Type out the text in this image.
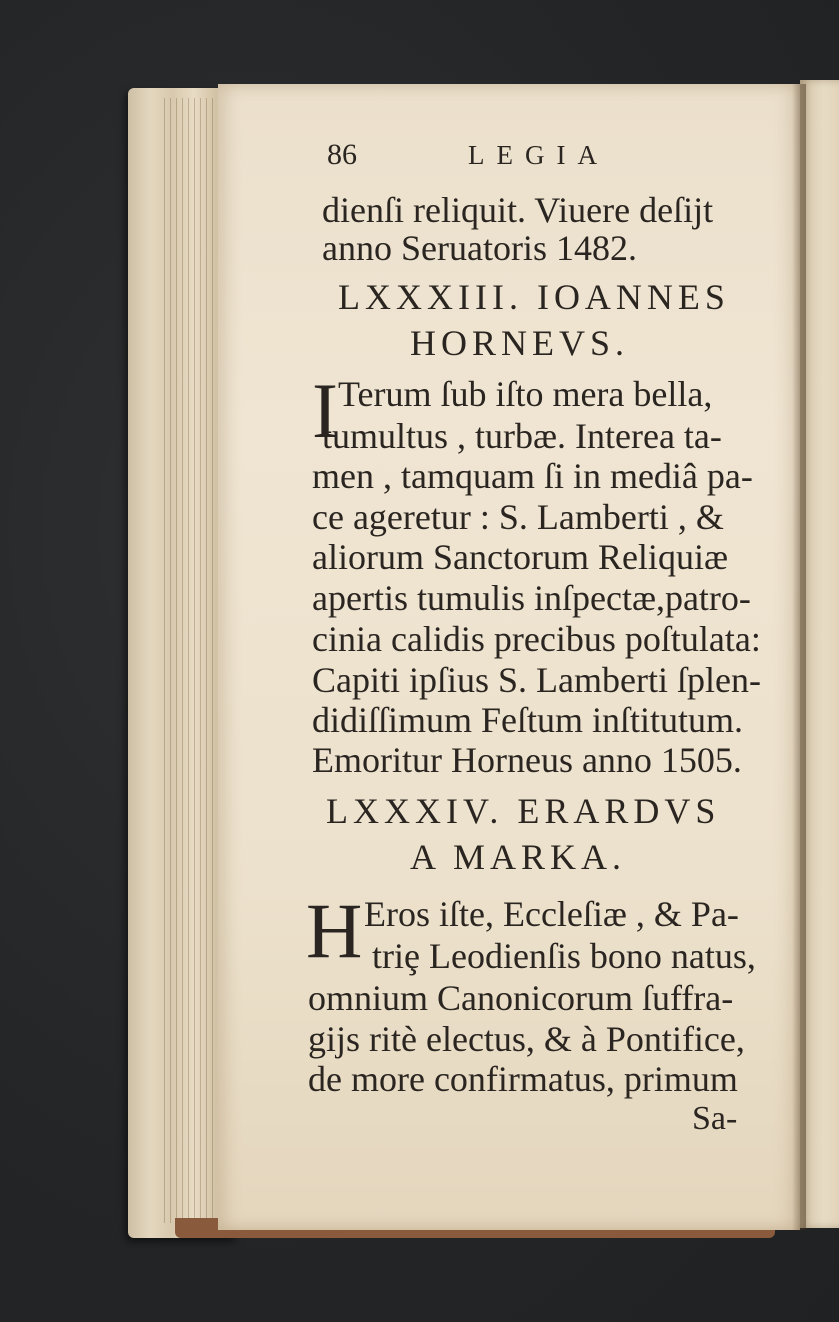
86	LEGIA
dienſi reliquit. Viuere deſijt
anno Seruatoris 1482.
LXXXIII. IOANNES
HORNEVS.
I Terum ſub iſto mera bella,
tumultus , turbæ. Interea ta-
men , tamquam ſi in mediâ pa-
ce ageretur : S. Lamberti , &
aliorum Sanctorum Reliquiæ
apertis tumulis inſpectæ,patro-
cinia calidis precibus poſtulata:
Capiti ipſius S. Lamberti ſplen-
didiſſimum Feſtum inſtitutum.
Emoritur Horneus anno 1505.
LXXXIV. ERARDVS
A MARKA.
H Eros iſte, Eccleſiæ , & Pa-
triȩ Leodienſis bono natus,
omnium Canonicorum ſuffra-
gijs ritè electus, & à Pontifice,
de more confirmatus, primum
Sa-
